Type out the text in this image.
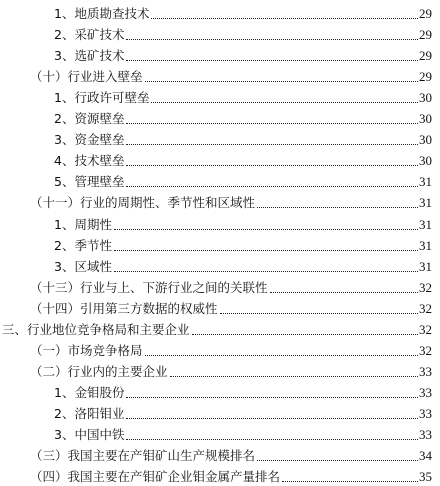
1、地质勘查技术	29
2、采矿技术	29
3、选矿技术	29
（十）行业进入壁垒	29
1、行政许可壁垒	30
2、资源壁垒	30
3、资金壁垒	30
4、技术壁垒	30
5、管理壁垒	31
（十一）行业的周期性、季节性和区域性	31
1、周期性	31
2、季节性	31
3、区域性	31
（十三）行业与上、下游行业之间的关联性	32
（十四）引用第三方数据的权威性	32
三、行业地位竞争格局和主要企业	32
（一）市场竞争格局	32
（二）行业内的主要企业	33
1、金钼股份	33
2、洛阳钼业	33
3、中国中铁	33
（三）我国主要在产钼矿山生产规模排名	34
（四）我国主要在产钼矿企业钼金属产量排名	35
